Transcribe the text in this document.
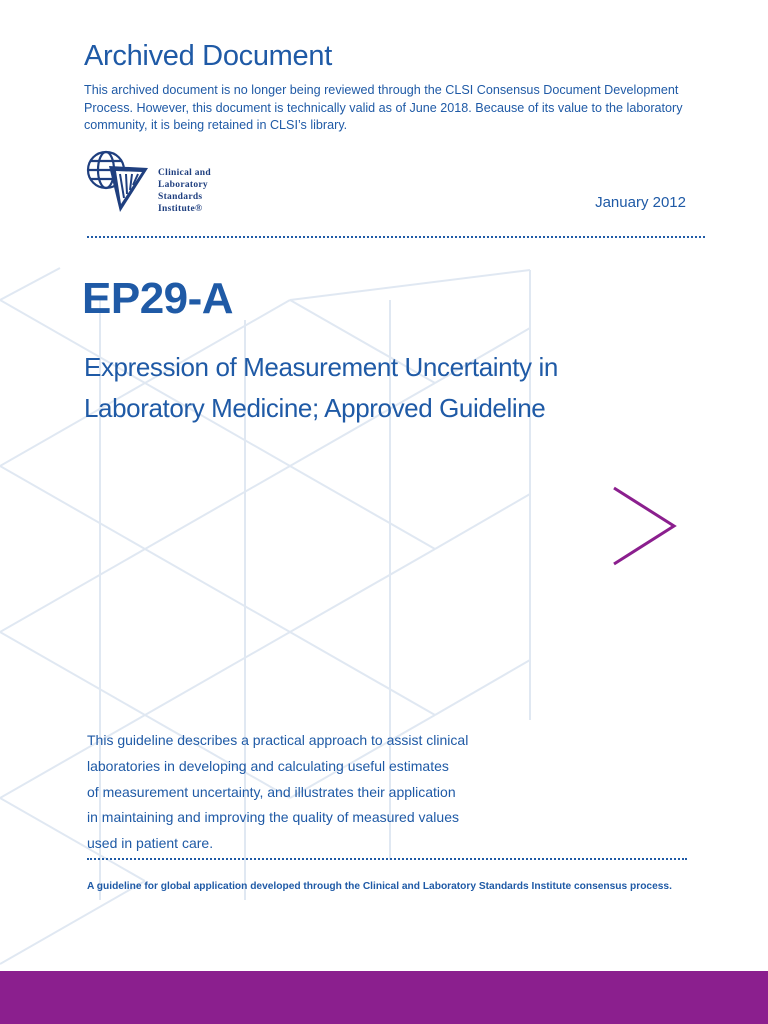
Archived Document
This archived document is no longer being reviewed through the CLSI Consensus Document Development Process. However, this document is technically valid as of June 2018. Because of its value to the laboratory community, it is being retained in CLSI’s library.
Clinical and
Laboratory
Standards
Institute®	January 2012
EP29-A
Expression of Measurement Uncertainty in
Laboratory Medicine; Approved Guideline
This guideline describes a practical approach to assist clinical
laboratories in developing and calculating useful estimates
of measurement uncertainty, and illustrates their application
in maintaining and improving the quality of measured values
used in patient care.
A guideline for global application developed through the Clinical and Laboratory Standards Institute consensus process.
